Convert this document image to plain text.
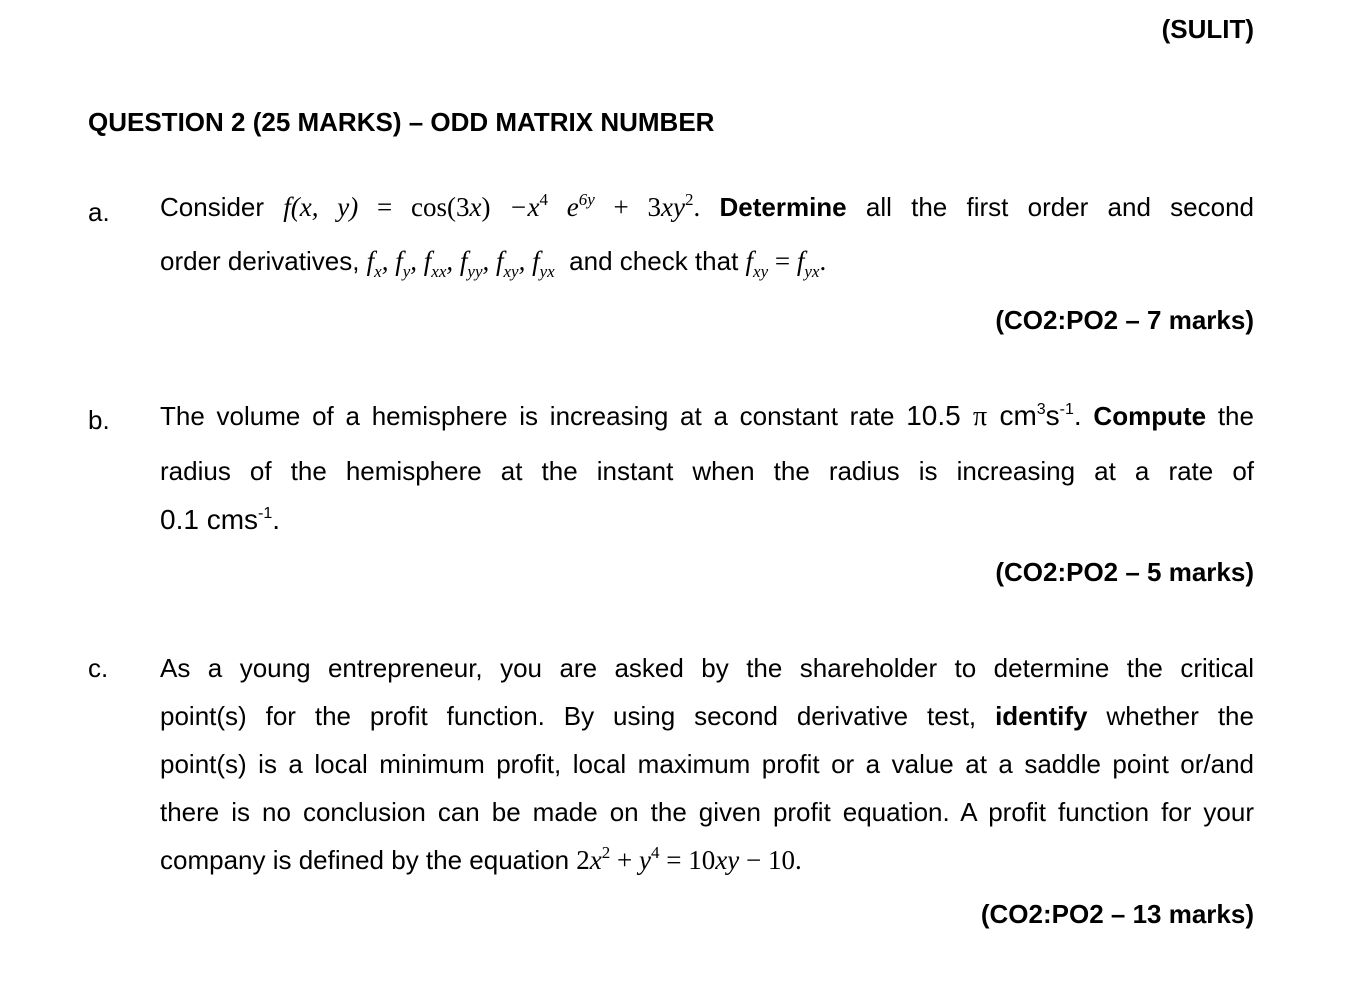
(SULIT)
QUESTION 2 (25 MARKS) – ODD MATRIX NUMBER
a. Consider f(x, $y) = \cos(3x) -x^4$ $e^{6y} + 3xy^2$. Determine all the first order and second
order derivatives, $f_x$, $f_y$, $f_{xx}$, $f_{yy}$, $f_{xy}$, $f_{yx}$ and check that $f_{xy} = f_{yx}$.
(CO2:PO2 – 7 marks)
b. The volume of a hemisphere is increasing at a constant rate 10.5 π $cm^3s^{-1}$. Compute the
radius of the hemisphere at the instant when the radius is increasing at a rate of
0.1 cms$^{-1}$.
(CO2:PO2 – 5 marks)
c. As a young entrepreneur, you are asked by the shareholder to determine the critical
point(s) for the profit function. By using second derivative test, identify whether the
point(s) is a local minimum profit, local maximum profit or a value at a saddle point or/and
there is no conclusion can be made on the given profit equation. A profit function for your
company is defined by the equation $2x^2 + y^4 = 10xy - 10$.
(CO2:PO2 – 13 marks)
